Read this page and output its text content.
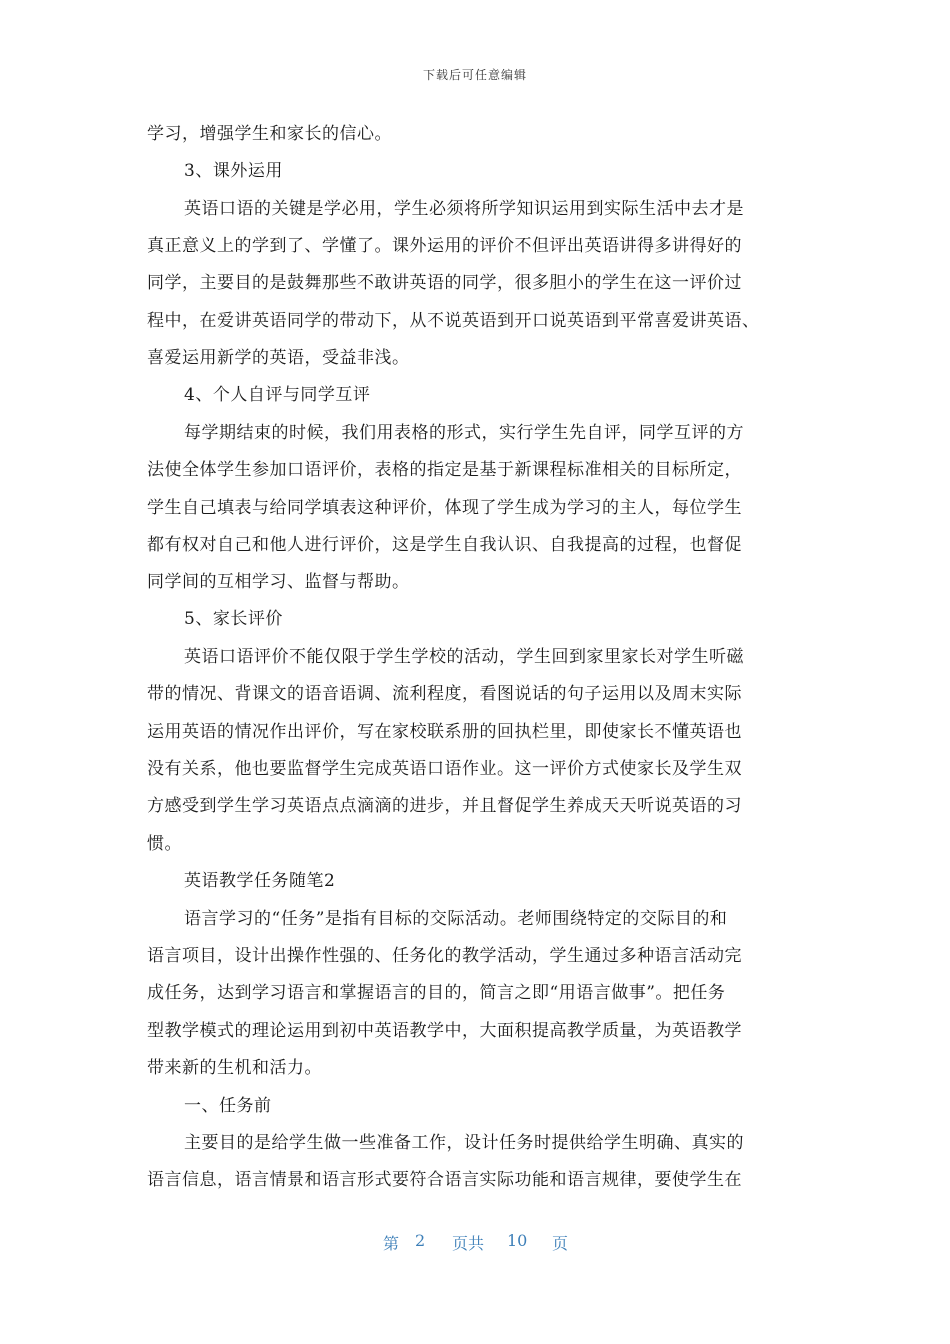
下载后可任意编辑
学习，增强学生和家长的信心。
3、课外运用
英语口语的关键是学必用，学生必须将所学知识运用到实际生活中去才是
真正意义上的学到了、学懂了。课外运用的评价不但评出英语讲得多讲得好的
同学，主要目的是鼓舞那些不敢讲英语的同学，很多胆小的学生在这一评价过
程中，在爱讲英语同学的带动下，从不说英语到开口说英语到平常喜爱讲英语、
喜爱运用新学的英语，受益非浅。
4、个人自评与同学互评
每学期结束的时候，我们用表格的形式，实行学生先自评，同学互评的方
法使全体学生参加口语评价，表格的指定是基于新课程标准相关的目标所定，
学生自己填表与给同学填表这种评价，体现了学生成为学习的主人，每位学生
都有权对自己和他人进行评价，这是学生自我认识、自我提高的过程，也督促
同学间的互相学习、监督与帮助。
5、家长评价
英语口语评价不能仅限于学生学校的活动，学生回到家里家长对学生听磁
带的情况、背课文的语音语调、流利程度，看图说话的句子运用以及周末实际
运用英语的情况作出评价，写在家校联系册的回执栏里，即使家长不懂英语也
没有关系，他也要监督学生完成英语口语作业。这一评价方式使家长及学生双
方感受到学生学习英语点点滴滴的进步，并且督促学生养成天天听说英语的习
惯。
英语教学任务随笔2
语言学习的“任务”是指有目标的交际活动。老师围绕特定的交际目的和
语言项目，设计出操作性强的、任务化的教学活动，学生通过多种语言活动完
成任务，达到学习语言和掌握语言的目的，简言之即“用语言做事”。把任务
型教学模式的理论运用到初中英语教学中，大面积提高教学质量，为英语教学
带来新的生机和活力。
一、任务前
主要目的是给学生做一些准备工作，设计任务时提供给学生明确、真实的
语言信息，语言情景和语言形式要符合语言实际功能和语言规律，要使学生在
第 2 页共 10 页
